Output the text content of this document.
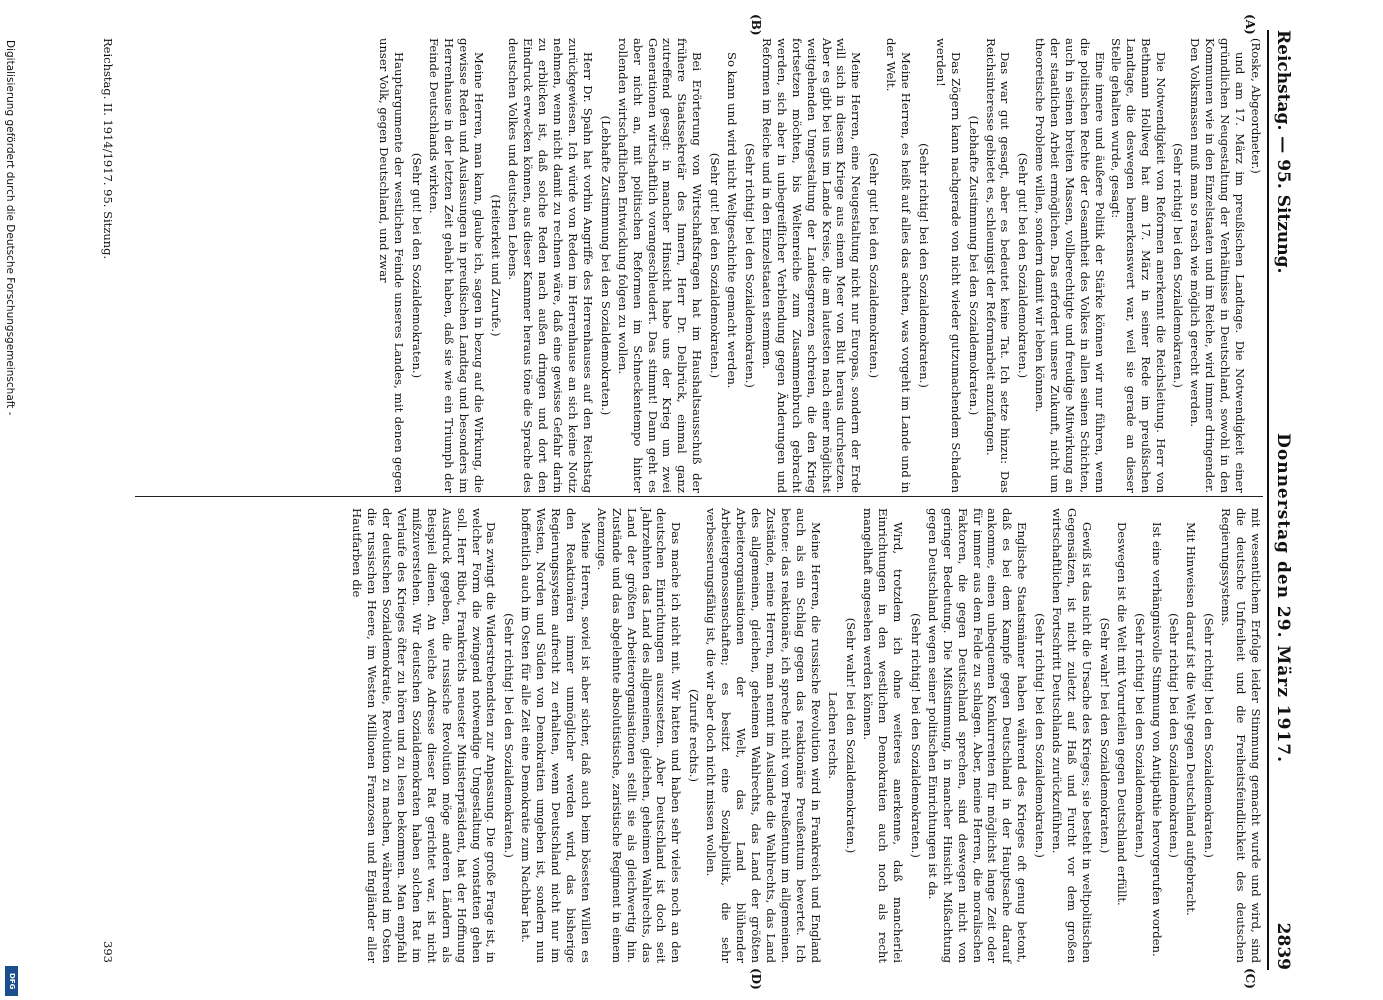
Digitalisierung gefördert durch die Deutsche Forschungsgemeinschaft -
DFG
Reichstag. — 95. Sitzung.
Donnerstag den 29. März 1917.
2839
(A)
(B)
(C)
(D)

(Roske, Abgeordneter.)

und am 17. März im preußischen Landtage. Die Notwendigkeit einer gründlichen Neugestaltung der Verhältnisse in Deutschland, sowohl in den Kommunen wie in den Einzelstaaten und im Reiche, wird immer dringender. Den Volksmassen muß man so rasch wie möglich gerecht werden.

(Sehr richtig! bei den Sozialdemokraten.)

Die Notwendigkeit von Reformen anerkennt die Reichsleitung. Herr von Bethmann Hollweg hat am 17. März in seiner Rede im preußischen Landtage, die deswegen bemerkenswert war, weil sie gerade an dieser Stelle gehalten wurde, gesagt:

Eine innere und äußere Politik der Stärke können wir nur führen, wenn die politischen Rechte der Gesamtheit des Volkes in allen seinen Schichten, auch in seinen breiten Massen, vollberechtigte und freudige Mitwirkung an der staatlichen Arbeit ermöglichen. Das erfordert unsere Zukunft, nicht um theoretische Probleme willen, sondern damit wir leben können.

(Sehr gut! bei den Sozialdemokraten.)

Das war gut gesagt, aber es bedeutet keine Tat. Ich setze hinzu: Das Reichsinteresse gebietet es, schleunigst der Reformarbeit anzufangen.

(Lebhafte Zustimmung bei den Sozialdemokraten.)

Das Zögern kann nachgerade von nicht wieder gutzumachendem Schaden werden!

(Sehr richtig! bei den Sozialdemokraten.)

Meine Herren, es heißt auf alles das achten, was vorgeht im Lande und in der Welt.

(Sehr gut! bei den Sozialdemokraten.)

Meine Herren, eine Neugestaltung nicht nur Europas, sondern der Erde will sich in diesem Kriege aus einem Meer von Blut heraus durchsetzen. Aber es gibt bei uns im Lande Kreise, die am lautesten nach einer möglichst weitgehenden Umgestaltung der Landesgrenzen schreien, die den Krieg fortsetzen möchten, bis Weltenreiche zum Zusammenbruch gebracht werden, sich aber in unbegreiflicher Verblendung gegen Änderungen und Reformen im Reiche und in den Einzelstaaten stemmen.

(Sehr richtig! bei den Sozialdemokraten.)

So kann und wird nicht Weltgeschichte gemacht werden.

(Sehr gut! bei den Sozialdemokraten.)

Bei Erörterung von Wirtschaftsfragen hat im Haushaltsausschuß der frühere Staatssekretär des Innern, Herr Dr. Delbrück, einmal ganz zutreffend gesagt: in mancher Hinsicht habe uns der Krieg um zwei Generationen wirtschaftlich vorangeschleudert. Das stimmt! Dann geht es aber nicht an, mit politischen Reformen im Schneckentempo hinter rollenden wirtschaftlichen Entwicklung folgen zu wollen.

(Lebhafte Zustimmung bei den Sozialdemokraten.)

Herr Dr. Spahn hat vorhin Angriffe des Herrenhauses auf den Reichstag zurückgewiesen. Ich würde von Reden im Herrenhause an sich keine Notiz nehmen, wenn nicht damit zu rechnen wäre, daß eine gewisse Gefahr darin zu erblicken ist, daß solche Reden nach außen dringen und dort den Eindruck erwecken können, aus dieser Kammer heraus töne die Sprache des deutschen Volkes und deutschen Lebens.

(Heiterkeit und Zurufe.)

Meine Herren, man kann, glaube ich, sagen in bezug auf die Wirkung, die gewisse Reden und Auslassungen in preußischen Landtag und besonders im Herrenhause in der letzten Zeit gehabt haben, daß sie wie ein Triumph der Feinde Deutschlands wirkten.

(Sehr gut! bei den Sozialdemokraten.)

Hauptargumente der westlichen Feinde unseres Landes, mit denen gegen unser Volk, gegen Deutschland, und zwar

mit wesentlichem Erfolge leider Stimmung gemacht wurde und wird, sind die deutsche Unfreiheit und die Freiheitsfeindlichkeit des deutschen Regierungssystems.

(Sehr richtig! bei den Sozialdemokraten.)

Mit Hinweisen darauf ist die Welt gegen Deutschland aufgebracht.

(Sehr richtig! bei den Sozialdemokraten.)

Ist eine verhängnisvolle Stimmung von Antipathie hervorgerufen worden.

(Sehr richtig! bei den Sozialdemokraten.)

Deswegen ist die Welt mit Vorurteilen gegen Deutschland erfüllt.

(Sehr wahr! bei den Sozialdemokraten.)

Gewiß ist das nicht die Ursache des Krieges; sie besteht in weltpolitischen Gegensätzen, ist nicht zuletzt auf Haß und Furcht vor dem großen wirtschaftlichen Fortschritt Deutschlands zurückzuführen.

(Sehr richtig! bei den Sozialdemokraten.)

Englische Staatsmänner haben während des Krieges oft genug betont, daß es bei dem Kampfe gegen Deutschland in der Hauptsache darauf ankomme, einen unbequemen Konkurrenten für möglichst lange Zeit oder für immer aus dem Felde zu schlagen. Aber, meine Herren, die moralischen Faktoren, die gegen Deutschland sprechen, sind deswegen nicht von geringer Bedeutung. Die Mißstimmung, in mancher Hinsicht Mißachtung gegen Deutschland wegen seiner politischen Einrichtungen ist da.

(Sehr richtig! bei den Sozialdemokraten.)

Wird, trotzdem ich ohne weiteres anerkenne, daß mancherlei Einrichtungen in den westlichen Demokratien auch noch als recht mangelhaft angesehen werden können.

(Sehr wahr! bei den Sozialdemokraten.)

Lachen rechts.

Meine Herren, die russische Revolution wird in Frankreich und England auch als ein Schlag gegen das reaktionäre Preußentum bewertet. Ich betone: das reaktionäre, ich spreche nicht vom Preußentum im allgemeinen. Zustände, meine Herren, man nennt im Auslande die Wahlrechts, das Land des allgemeinen, gleichen, geheimen Wahlrechts, das Land der größten Arbeiterorganisationen der Welt, das Land blühender Arbeitergenossenschaften; es besitzt eine Sozialpolitik, die sehr verbesserungsfähig ist, die wir aber doch nicht missen wollen.

(Zurufe rechts.)

Das mache ich nicht mit. Wir hatten und haben sehr vieles noch an den deutschen Einrichtungen auszusetzen. Aber Deutschland ist doch seit Jahrzehnten das Land des allgemeinen, gleichen, geheimen Wahlrechts, das Land der größten Arbeiterorganisationen stellt sie als gleichwertig hin. Zustände und das abgelehnte absolutistische, zaristische Regiment in einem Atemzuge.

Meine Herren, soviel ist aber sicher, daß auch beim bösesten Willen es den Reaktionären immer unmöglicher werden wird, das bisherige Regierungssystem aufrecht zu erhalten, wenn Deutschland nicht nur im Westen, Norden und Süden von Demokratien umgeben ist, sondern nun hoffentlich auch im Osten für alle Zeit eine Demokratie zum Nachbar hat.

(Sehr richtig! bei den Sozialdemokraten.)

Das zwingt die Widerstrebendsten zur Anpassung. Die große Frage ist, in welcher Form die zwingend notwendige Umgestaltung vonstatten gehen soll. Herr Ribot, Frankreichs neuester Ministerpräsident, hat der Hoffnung Ausdruck gegeben, die russische Revolution möge anderen Ländern als Beispiel dienen. An welche Adresse dieser Rat gerichtet war, ist nicht mißzuverstehen. Wir deutschen Sozialdemokraten haben solchen Rat im Verlaufe des Krieges öfter zu hören und zu lesen bekommen. Man empfahl der deutschen Sozialdemokratie, Revolution zu machen, während im Osten die russischen Heere, im Westen Millionen Franzosen und Engländer aller Hautfarben die

Reichstag. II. 1914/1917. 95. Sitzung.
393
